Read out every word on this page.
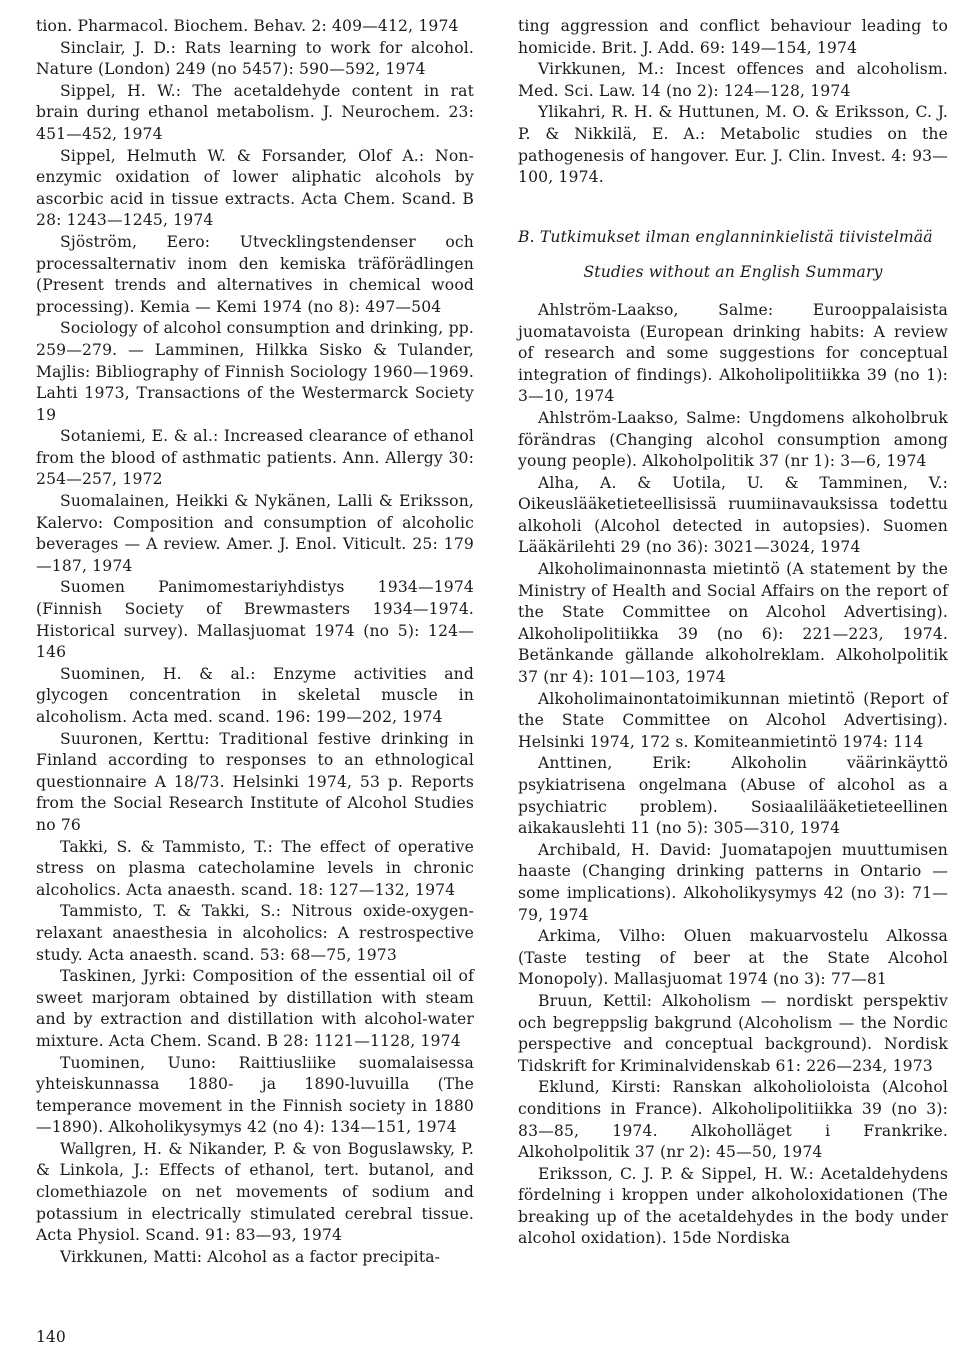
tion. Pharmacol. Biochem. Behav. 2: 409—412, 1974

Sinclair, J. D.: Rats learning to work for alcohol. Nature (London) 249 (no 5457): 590—592, 1974

Sippel, H. W.: The acetaldehyde content in rat brain during ethanol metabolism. J. Neurochem. 23: 451—452, 1974

Sippel, Helmuth W. & Forsander, Olof A.: Non-enzymic oxidation of lower aliphatic alcohols by ascorbic acid in tissue extracts. Acta Chem. Scand. B 28: 1243—1245, 1974

Sjöström, Eero: Utvecklingstendenser och processalternativ inom den kemiska träförädlingen (Present trends and alternatives in chemical wood processing). Kemia — Kemi 1974 (no 8): 497—504

Sociology of alcohol consumption and drinking, pp. 259—279. — Lamminen, Hilkka Sisko & Tulander, Majlis: Bibliography of Finnish Sociology 1960—1969. Lahti 1973, Transactions of the Westermarck Society 19

Sotaniemi, E. & al.: Increased clearance of ethanol from the blood of asthmatic patients. Ann. Allergy 30: 254—257, 1972

Suomalainen, Heikki & Nykänen, Lalli & Eriksson, Kalervo: Composition and consumption of alcoholic beverages — A review. Amer. J. Enol. Viticult. 25: 179—187, 1974

Suomen Panimomestariyhdistys 1934—1974 (Finnish Society of Brewmasters 1934—1974. Historical survey). Mallasjuomat 1974 (no 5): 124—146

Suominen, H. & al.: Enzyme activities and glycogen concentration in skeletal muscle in alcoholism. Acta med. scand. 196: 199—202, 1974

Suuronen, Kerttu: Traditional festive drinking in Finland according to responses to an ethnological questionnaire A 18/73. Helsinki 1974, 53 p. Reports from the Social Research Institute of Alcohol Studies no 76

Takki, S. & Tammisto, T.: The effect of operative stress on plasma catecholamine levels in chronic alcoholics. Acta anaesth. scand. 18: 127—132, 1974

Tammisto, T. & Takki, S.: Nitrous oxide-oxygen-relaxant anaesthesia in alcoholics: A restrospective study. Acta anaesth. scand. 53: 68—75, 1973

Taskinen, Jyrki: Composition of the essential oil of sweet marjoram obtained by distillation with steam and by extraction and distillation with alcohol-water mixture. Acta Chem. Scand. B 28: 1121—1128, 1974

Tuominen, Uuno: Raittiusliike suomalaisessa yhteiskunnassa 1880- ja 1890-luvuilla (The temperance movement in the Finnish society in 1880—1890). Alkoholikysymys 42 (no 4): 134—151, 1974

Wallgren, H. & Nikander, P. & von Boguslawsky, P. & Linkola, J.: Effects of ethanol, tert. butanol, and clomethiazole on net movements of sodium and potassium in electrically stimulated cerebral tissue. Acta Physiol. Scand. 91: 83—93, 1974

Virkkunen, Matti: Alcohol as a factor precipita-

ting aggression and conflict behaviour leading to homicide. Brit. J. Add. 69: 149—154, 1974

Virkkunen, M.: Incest offences and alcoholism. Med. Sci. Law. 14 (no 2): 124—128, 1974

Ylikahri, R. H. & Huttunen, M. O. & Eriksson, C. J. P. & Nikkilä, E. A.: Metabolic studies on the pathogenesis of hangover. Eur. J. Clin. Invest. 4: 93—100, 1974.

B. Tutkimukset ilman englanninkielistä tiivistelmää

Studies without an English Summary

Ahlström-Laakso, Salme: Eurooppalaisista juomatavoista (European drinking habits: A review of research and some suggestions for conceptual integration of findings). Alkoholipolitiikka 39 (no 1): 3—10, 1974

Ahlström-Laakso, Salme: Ungdomens alkoholbruk förändras (Changing alcohol consumption among young people). Alkoholpolitik 37 (nr 1): 3—6, 1974

Alha, A. & Uotila, U. & Tamminen, V.: Oikeuslääketieteellisissä ruumiinavauksissa todettu alkoholi (Alcohol detected in autopsies). Suomen Lääkärilehti 29 (no 36): 3021—3024, 1974

Alkoholimainonnasta mietintö (A statement by the Ministry of Health and Social Affairs on the report of the State Committee on Alcohol Advertising). Alkoholipolitiikka 39 (no 6): 221—223, 1974. Betänkande gällande alkoholreklam. Alkoholpolitik 37 (nr 4): 101—103, 1974

Alkoholimainontatoimikunnan mietintö (Report of the State Committee on Alcohol Advertising). Helsinki 1974, 172 s. Komiteanmietintö 1974: 114

Anttinen, Erik: Alkoholin väärinkäyttö psykiatrisena ongelmana (Abuse of alcohol as a psychiatric problem). Sosiaalilääketieteellinen aikakauslehti 11 (no 5): 305—310, 1974

Archibald, H. David: Juomatapojen muuttumisen haaste (Changing drinking patterns in Ontario — some implications). Alkoholikysymys 42 (no 3): 71—79, 1974

Arkima, Vilho: Oluen makuarvostelu Alkossa (Taste testing of beer at the State Alcohol Monopoly). Mallasjuomat 1974 (no 3): 77—81

Bruun, Kettil: Alkoholism — nordiskt perspektiv och begreppslig bakgrund (Alcoholism — the Nordic perspective and conceptual background). Nordisk Tidskrift for Kriminalvidenskab 61: 226—234, 1973

Eklund, Kirsti: Ranskan alkoholioloista (Alcohol conditions in France). Alkoholipolitiikka 39 (no 3): 83—85, 1974. Alkoholläget i Frankrike. Alkoholpolitik 37 (nr 2): 45—50, 1974

Eriksson, C. J. P. & Sippel, H. W.: Acetaldehydens fördelning i kroppen under alkoholoxidationen (The breaking up of the acetaldehydes in the body under alcohol oxidation). 15de Nordiska

140
